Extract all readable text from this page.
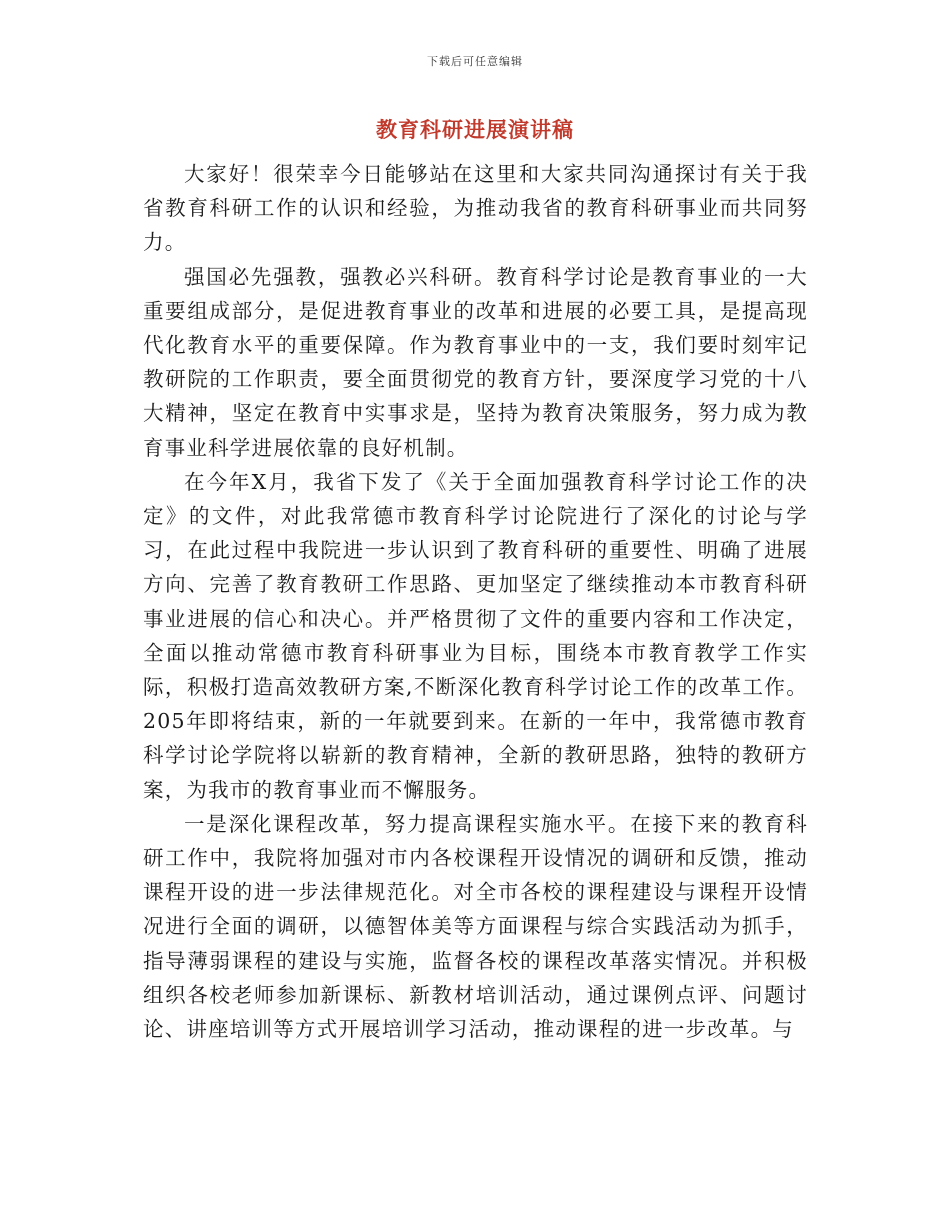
下载后可任意编辑
教育科研进展演讲稿

大家好！很荣幸今日能够站在这里和大家共同沟通探讨有关于我省教育科研工作的认识和经验，为推动我省的教育科研事业而共同努力。

强国必先强教，强教必兴科研。教育科学讨论是教育事业的一大重要组成部分，是促进教育事业的改革和进展的必要工具，是提高现代化教育水平的重要保障。作为教育事业中的一支，我们要时刻牢记教研院的工作职责，要全面贯彻党的教育方针，要深度学习党的十八大精神，坚定在教育中实事求是，坚持为教育决策服务，努力成为教育事业科学进展依靠的良好机制。

在今年X月，我省下发了《关于全面加强教育科学讨论工作的决定》的文件，对此我常德市教育科学讨论院进行了深化的讨论与学习，在此过程中我院进一步认识到了教育科研的重要性、明确了进展方向、完善了教育教研工作思路、更加坚定了继续推动本市教育科研事业进展的信心和决心。并严格贯彻了文件的重要内容和工作决定，全面以推动常德市教育科研事业为目标，围绕本市教育教学工作实际，积极打造高效教研方案,不断深化教育科学讨论工作的改革工作。205年即将结束，新的一年就要到来。在新的一年中，我常德市教育科学讨论学院将以崭新的教育精神，全新的教研思路，独特的教研方案，为我市的教育事业而不懈服务。

一是深化课程改革，努力提高课程实施水平。在接下来的教育科研工作中，我院将加强对市内各校课程开设情况的调研和反馈，推动课程开设的进一步法律规范化。对全市各校的课程建设与课程开设情况进行全面的调研，以德智体美等方面课程与综合实践活动为抓手，指导薄弱课程的建设与实施，监督各校的课程改革落实情况。并积极组织各校老师参加新课标、新教材培训活动，通过课例点评、问题讨论、讲座培训等方式开展培训学习活动，推动课程的进一步改革。与
